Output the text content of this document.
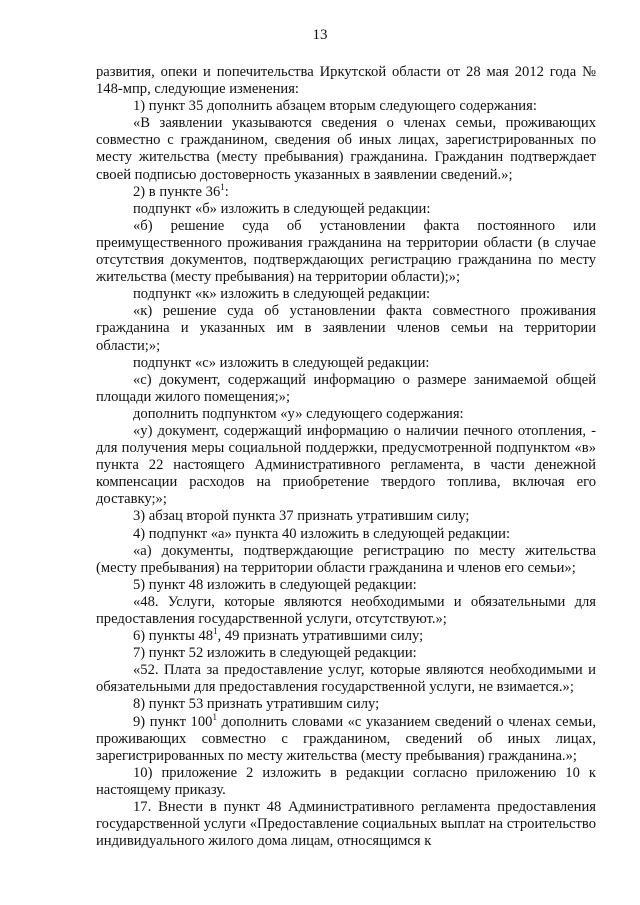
13

развития, опеки и попечительства Иркутской области от 28 мая 2012 года № 148-мпр, следующие изменения:

1) пункт 35 дополнить абзацем вторым следующего содержания:

«В заявлении указываются сведения о членах семьи, проживающих совместно с гражданином, сведения об иных лицах, зарегистрированных по месту жительства (месту пребывания) гражданина. Гражданин подтверждает своей подписью достоверность указанных в заявлении сведений.»;

2) в пункте $36^1$:

подпункт «б» изложить в следующей редакции:

«б) решение суда об установлении факта постоянного или преимущественного проживания гражданина на территории области (в случае отсутствия документов, подтверждающих регистрацию гражданина по месту жительства (месту пребывания) на территории области);»;

подпункт «к» изложить в следующей редакции:

«к) решение суда об установлении факта совместного проживания гражданина и указанных им в заявлении членов семьи на территории области;»;

подпункт «с» изложить в следующей редакции:

«с) документ, содержащий информацию о размере занимаемой общей площади жилого помещения;»;

дополнить подпунктом «у» следующего содержания:

«у) документ, содержащий информацию о наличии печного отопления, - для получения меры социальной поддержки, предусмотренной подпунктом «в» пункта 22 настоящего Административного регламента, в части денежной компенсации расходов на приобретение твердого топлива, включая его доставку;»;

3) абзац второй пункта 37 признать утратившим силу;

4) подпункт «а» пункта 40 изложить в следующей редакции:

«а) документы, подтверждающие регистрацию по месту жительства (месту пребывания) на территории области гражданина и членов его семьи»;

5) пункт 48 изложить в следующей редакции:

«48. Услуги, которые являются необходимыми и обязательными для предоставления государственной услуги, отсутствуют.»;

6) пункты $48^1$, 49 признать утратившими силу;

7) пункт 52 изложить в следующей редакции:

«52. Плата за предоставление услуг, которые являются необходимыми и обязательными для предоставления государственной услуги, не взимается.»;

8) пункт 53 признать утратившим силу;

9) пункт $100^1$ дополнить словами «с указанием сведений о членах семьи, проживающих совместно с гражданином, сведений об иных лицах, зарегистрированных по месту жительства (месту пребывания) гражданина.»;

10) приложение 2 изложить в редакции согласно приложению 10 к настоящему приказу.

17. Внести в пункт 48 Административного регламента предоставления государственной услуги «Предоставление социальных выплат на строительство индивидуального жилого дома лицам, относящимся к
